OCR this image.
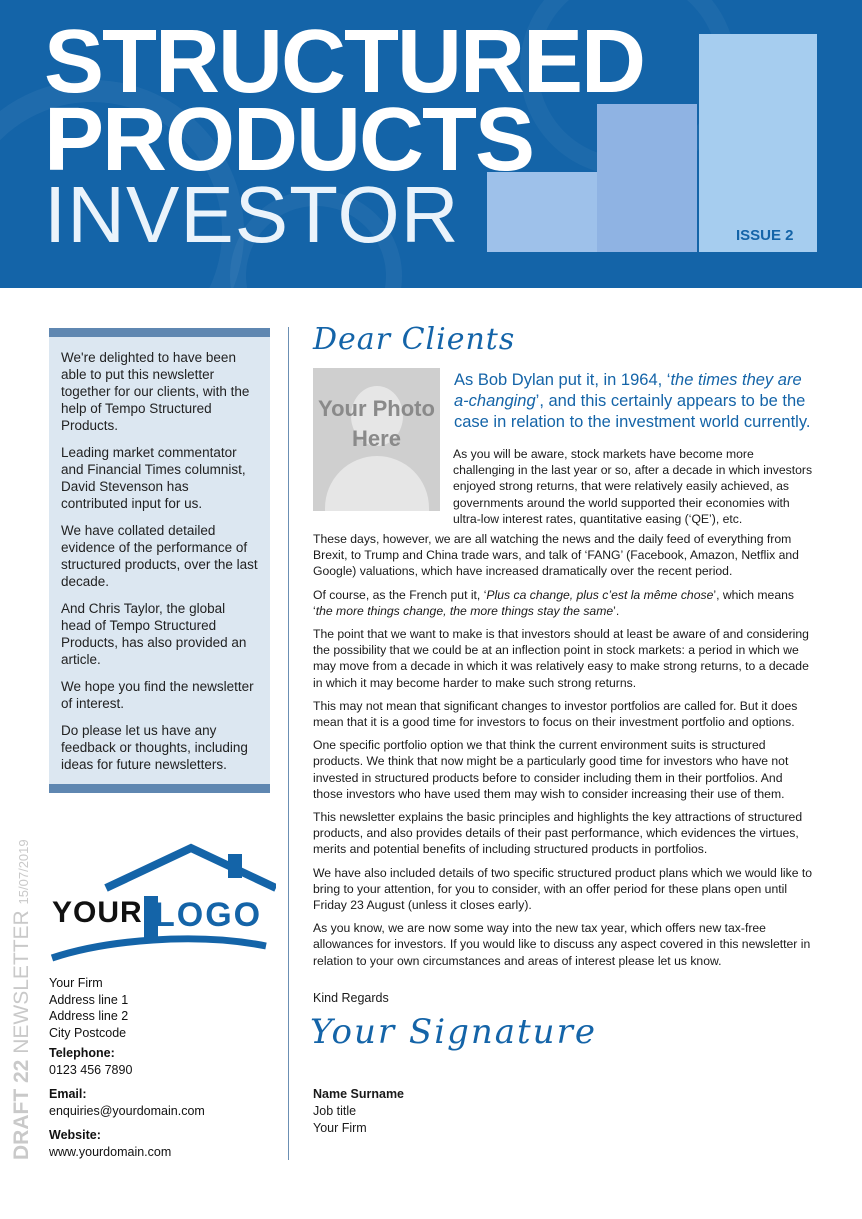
STRUCTURED
PRODUCTS
INVESTOR	ISSUE 2

We're delighted to have been able to put this newsletter together for our clients, with the help of Tempo Structured Products.

Leading market commentator and Financial Times columnist, David Stevenson has contributed input for us.

We have collated detailed evidence of the performance of structured products, over the last decade.

And Chris Taylor, the global head of Tempo Structured Products, has also provided an article.

We hope you find the newsletter of interest.

Do please let us have any feedback or thoughts, including ideas for future newsletters.

DRAFT 22 NEWSLETTER 15/07/2019
YOUR LOGO
Your Firm
Address line 1
Address line 2
City Postcode
Telephone:
0123 456 7890
Email:
enquiries@yourdomain.com
Website:
www.yourdomain.com
Dear Clients
Your Photo Here

As Bob Dylan put it, in 1964, ‘the times they are a-changing’, and this certainly appears to be the case in relation to the investment world currently.

As you will be aware, stock markets have become more challenging in the last year or so, after a decade in which investors enjoyed strong returns, that were relatively easily achieved, as governments around the world supported their economies with ultra-low interest rates, quantitative easing (‘QE’), etc.

These days, however, we are all watching the news and the daily feed of everything from Brexit, to Trump and China trade wars, and talk of ‘FANG’ (Facebook, Amazon, Netflix and Google) valuations, which have increased dramatically over the recent period.

Of course, as the French put it, ‘Plus ca change, plus c’est la même chose’, which means ‘the more things change, the more things stay the same’.

The point that we want to make is that investors should at least be aware of and considering the possibility that we could be at an inflection point in stock markets: a period in which we may move from a decade in which it was relatively easy to make strong returns, to a decade in which it may become harder to make such strong returns.

This may not mean that significant changes to investor portfolios are called for. But it does mean that it is a good time for investors to focus on their investment portfolio and options.

One specific portfolio option we that think the current environment suits is structured products. We think that now might be a particularly good time for investors who have not invested in structured products before to consider including them in their portfolios. And those investors who have used them may wish to consider increasing their use of them.

This newsletter explains the basic principles and highlights the key attractions of structured products, and also provides details of their past performance, which evidences the virtues, merits and potential benefits of including structured products in portfolios.

We have also included details of two specific structured product plans which we would like to bring to your attention, for you to consider, with an offer period for these plans open until Friday 23 August (unless it closes early).

As you know, we are now some way into the new tax year, which offers new tax-free allowances for investors. If you would like to discuss any aspect covered in this newsletter in relation to your own circumstances and areas of interest please let us know.

Kind Regards
Your Signature
Name Surname
Job title
Your Firm
